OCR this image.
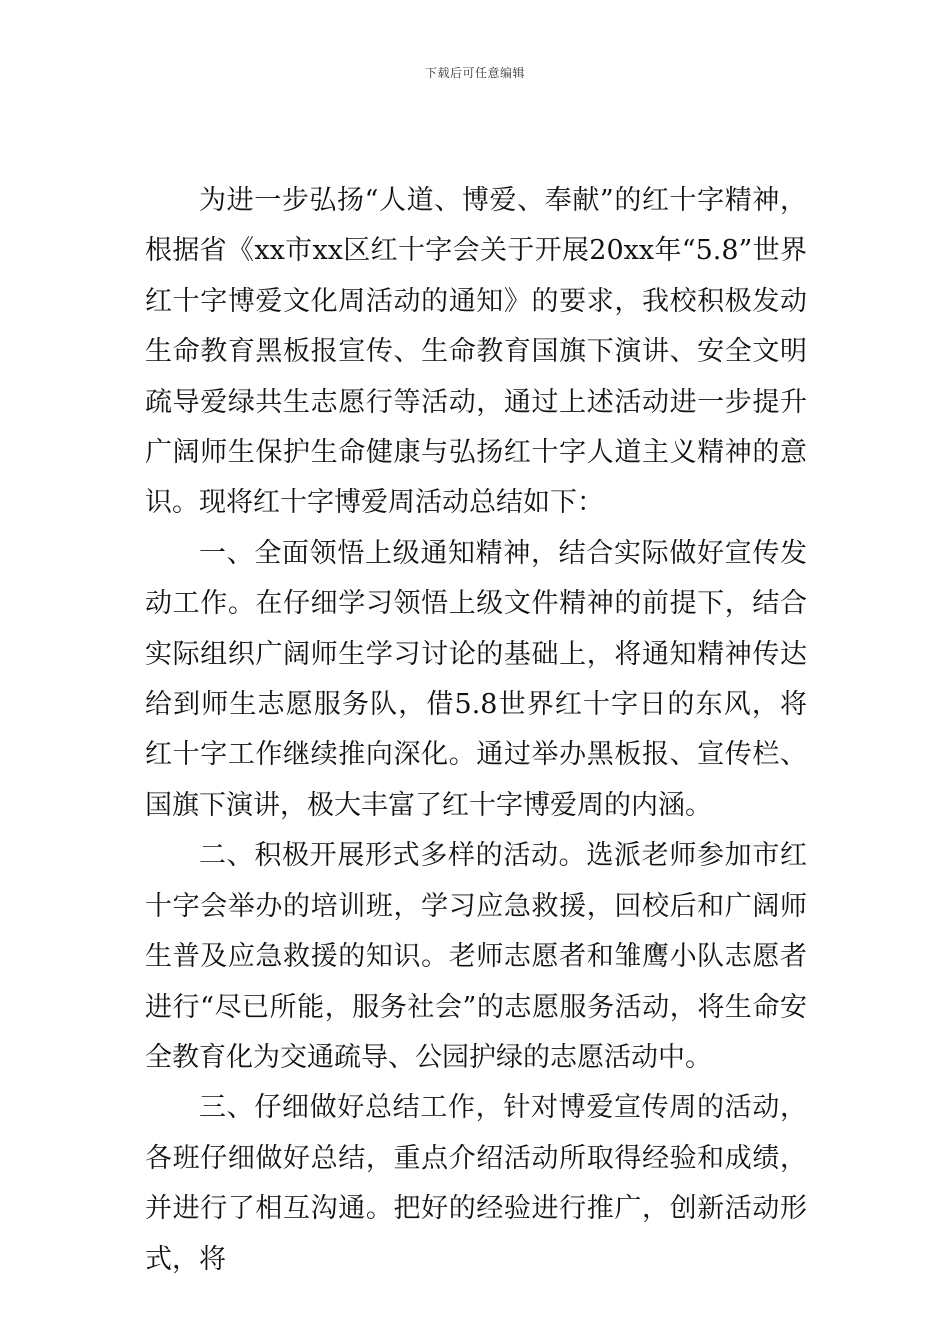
下载后可任意编辑

为进一步弘扬“人道、博爱、奉献”的红十字精神，根据省《xx市xx区红十字会关于开展20xx年“5.8”世界红十字博爱文化周活动的通知》的要求，我校积极发动生命教育黑板报宣传、生命教育国旗下演讲、安全文明疏导爱绿共生志愿行等活动，通过上述活动进一步提升广阔师生保护生命健康与弘扬红十字人道主义精神的意识。现将红十字博爱周活动总结如下：

一、全面领悟上级通知精神，结合实际做好宣传发动工作。在仔细学习领悟上级文件精神的前提下，结合实际组织广阔师生学习讨论的基础上，将通知精神传达给到师生志愿服务队，借5.8世界红十字日的东风，将红十字工作继续推向深化。通过举办黑板报、宣传栏、国旗下演讲，极大丰富了红十字博爱周的内涵。

二、积极开展形式多样的活动。选派老师参加市红十字会举办的培训班，学习应急救援，回校后和广阔师生普及应急救援的知识。老师志愿者和雏鹰小队志愿者进行“尽已所能，服务社会”的志愿服务活动，将生命安全教育化为交通疏导、公园护绿的志愿活动中。

三、仔细做好总结工作，针对博爱宣传周的活动，各班仔细做好总结，重点介绍活动所取得经验和成绩，并进行了相互沟通。把好的经验进行推广，创新活动形式，将
